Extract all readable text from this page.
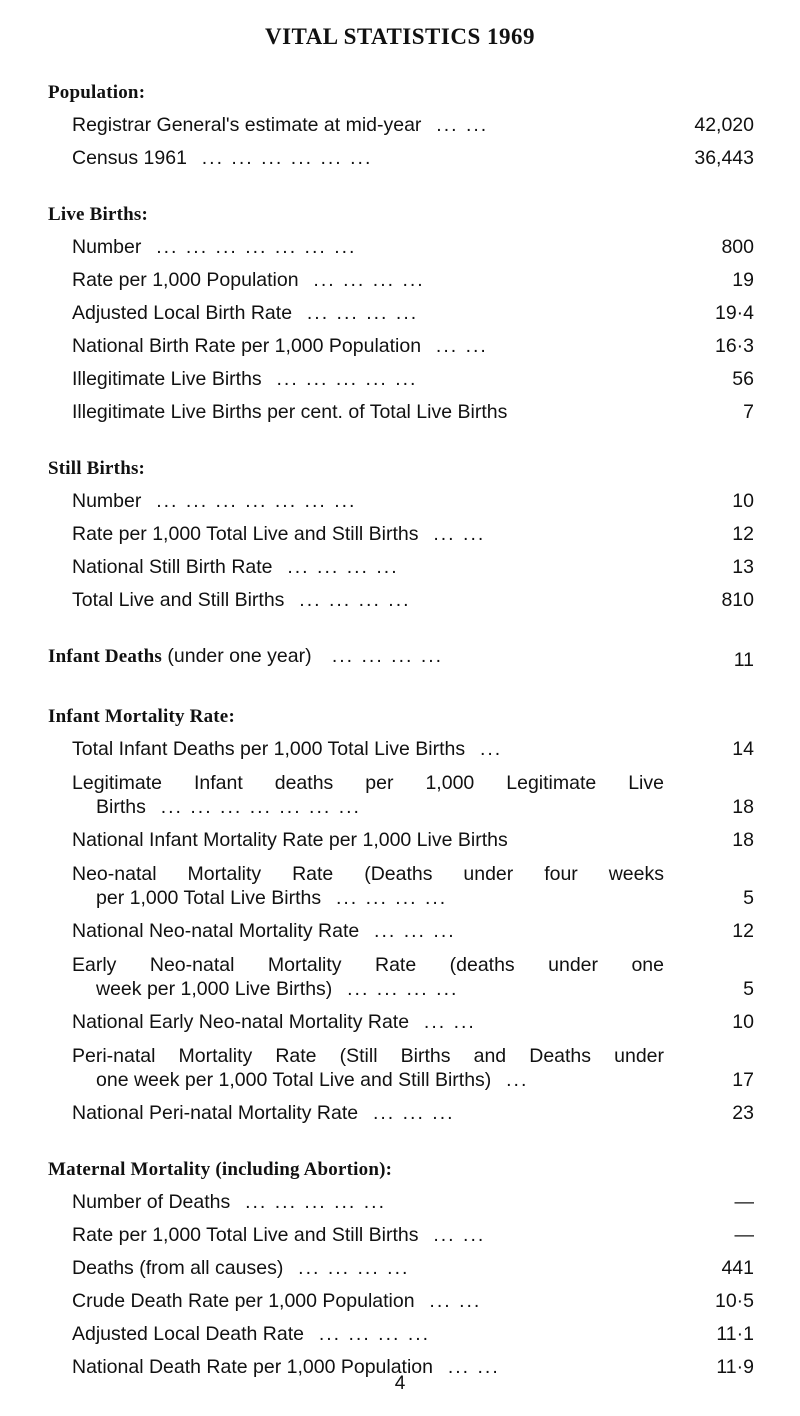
VITAL STATISTICS 1969
Population:
Registrar General's estimate at mid-year  ... ...	42,020
Census 1961  ... ... ... ... ... ...	36,443
Live Births:
Number  ... ... ... ... ... ... ...	800
Rate per 1,000 Population  ... ... ... ...	19
Adjusted Local Birth Rate  ... ... ... ...	19·4
National Birth Rate per 1,000 Population  ... ...	16·3
Illegitimate Live Births  ... ... ... ... ...	56
Illegitimate Live Births per cent. of Total Live Births	7
Still Births:
Number  ... ... ... ... ... ... ...	10
Rate per 1,000 Total Live and Still Births  ... ...	12
National Still Birth Rate  ... ... ... ...	13
Total Live and Still Births  ... ... ... ...	810
Infant Deaths (under one year)   ... ... ... ...	11
Infant Mortality Rate:
Total Infant Deaths per 1,000 Total Live Births  ...	14
Legitimate Infant deaths per 1,000 Legitimate Live
Births  ... ... ... ... ... ... ...	18
National Infant Mortality Rate per 1,000 Live Births	18
Neo-natal Mortality Rate (Deaths under four weeks
per 1,000 Total Live Births  ... ... ... ...	5
National Neo-natal Mortality Rate  ... ... ...	12
Early Neo-natal Mortality Rate (deaths under one
week per 1,000 Live Births)  ... ... ... ...	5
National Early Neo-natal Mortality Rate  ... ...	10
Peri-natal Mortality Rate (Still Births and Deaths under
one week per 1,000 Total Live and Still Births)  ...	17
National Peri-natal Mortality Rate  ... ... ...	23
Maternal Mortality (including Abortion):
Number of Deaths  ... ... ... ... ...	—
Rate per 1,000 Total Live and Still Births  ... ...	—
Deaths (from all causes)  ... ... ... ...	441
Crude Death Rate per 1,000 Population  ... ...	10·5
Adjusted Local Death Rate  ... ... ... ...	11·1
National Death Rate per 1,000 Population  ... ...	11·9
4
